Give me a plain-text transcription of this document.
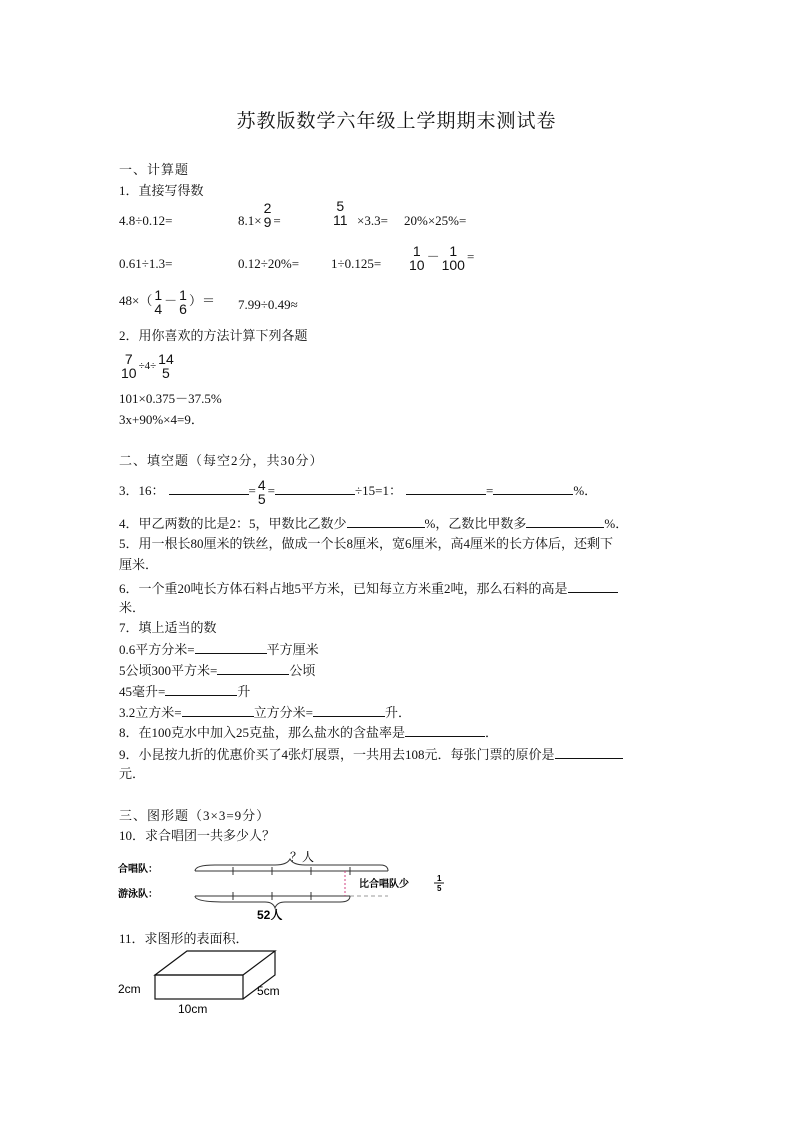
苏教版数学六年级上学期期末测试卷
一、计算题
1．直接写得数
4.8÷0.12=	8.1×
2
9 =
5
11 ×3.3= 20%×25%=
0.61÷1.3=	0.12÷20%= 1÷0.125=
1
10
－ 1
100
=
48×（ 1
4
－ 1
6
）＝ 7.99÷0.49≈
2．用你喜欢的方法计算下列各题
7
10 ÷4÷ 14
5
101×0.375－37.5%
3x+90%×4=9．
二、填空题（每空2分，共30分）
3．16：	= 4
5
=	÷15=1：	=	%．
4．甲乙两数的比是2：5，甲数比乙数少	%，乙数比甲数多	%．
5．用一根长80厘米的铁丝，做成一个长8厘米，宽6厘米，高4厘米的长方体后，还剩下
厘米．
6．一个重20吨长方体石料占地5平方米，已知每立方米重2吨，那么石料的高是
米．
7．填上适当的数
0.6平方分米=	平方厘米
5公顷300平方米=	公顷
45毫升=	升
3.2立方米=	立方分米=	升．
8．在100克水中加入25克盐，那么盐水的含盐率是	．
9．小昆按九折的优惠价买了4张灯展票，一共用去108元．每张门票的原价是
元．
三、图形题（3×3=9分）
10．求合唱团一共多少人？
合唱队：
游泳队：
？人
52人
比合唱队少
1
5
11．求图形的表面积．
2cm
10cm
5cm
